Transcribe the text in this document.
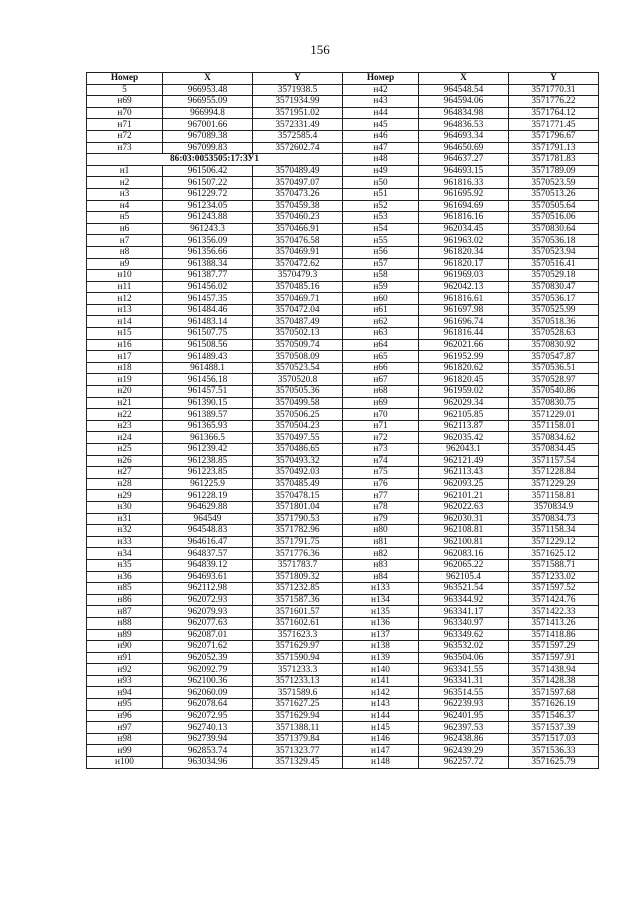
156
Номер	X	Y	Номер	X	Y
5	966953.48	3571938.5	н42	964548.54	3571770.31
н69	966955.09	3571934.99	н43	964594.06	3571776.22
н70	966994.8	3571951.02	н44	964834.98	3571764.12
н71	967001.66	3572331.49	н45	964836.53	3571771.45
н72	967089.38	3572585.4	н46	964693.34	3571796.67
н73	967099.83	3572602.74	н47	964650.69	3571791.13
86:03:0053505:17:ЗУ1			н48	964637.27	3571781.83
н1	961506.42	3570489.49	н49	964693.15	3571789.09
н2	961507.22	3570497.07	н50	961816.33	3570523.59
н3	961229.72	3570473.26	н51	961695.92	3570513.26
н4	961234.05	3570459.38	н52	961694.69	3570505.64
н5	961243.88	3570460.23	н53	961816.16	3570516.06
н6	961243.3	3570466.91	н54	962034.45	3570830.64
н7	961356.09	3570476.58	н55	961963.02	3570536.18
н8	961356.66	3570469.91	н56	961820.34	3570523.94
н9	961388.34	3570472.62	н57	961820.17	3570516.41
н10	961387.77	3570479.3	н58	961969.03	3570529.18
н11	961456.02	3570485.16	н59	962042.13	3570830.47
н12	961457.35	3570469.71	н60	961816.61	3570536.17
н13	961484.46	3570472.04	н61	961697.98	3570525.99
н14	961483.14	3570487.49	н62	961696.74	3570518.36
н15	961507.75	3570502.13	н63	961816.44	3570528.63
н16	961508.56	3570509.74	н64	962021.66	3570830.92
н17	961489.43	3570508.09	н65	961952.99	3570547.87
н18	961488.1	3570523.54	н66	961820.62	3570536.51
н19	961456.18	3570520.8	н67	961820.45	3570528.97
н20	961457.51	3570505.36	н68	961959.02	3570540.86
н21	961390.15	3570499.58	н69	962029.34	3570830.75
н22	961389.57	3570506.25	н70	962105.85	3571229.01
н23	961365.93	3570504.23	н71	962113.87	3571158.01
н24	961366.5	3570497.55	н72	962035.42	3570834.62
н25	961239.42	3570486.65	н73	962043.1	3570834.45
н26	961238.85	3570493.32	н74	962121.49	3571157.54
н27	961223.85	3570492.03	н75	962113.43	3571228.84
н28	961225.9	3570485.49	н76	962093.25	3571229.29
н29	961228.19	3570478.15	н77	962101.21	3571158.81
н30	964629.88	3571801.04	н78	962022.63	3570834.9
н31	964549	3571790.53	н79	962030.31	3570834.73
н32	964548.83	3571782.96	н80	962108.81	3571158.34
н33	964616.47	3571791.75	н81	962100.81	3571229.12
н34	964837.57	3571776.36	н82	962083.16	3571625.12
н35	964839.12	3571783.7	н83	962065.22	3571588.71
н36	964693.61	3571809.32	н84	962105.4	3571233.02
н85	962112.98	3571232.85	н133	963521.54	3571597.52
н86	962072.93	3571587.36	н134	963344.92	3571424.76
н87	962079.93	3571601.57	н135	963341.17	3571422.33
н88	962077.63	3571602.61	н136	963340.97	3571413.26
н89	962087.01	3571623.3	н137	963349.62	3571418.86
н90	962071.62	3571629.97	н138	963532.02	3571597.29
н91	962052.39	3571590.94	н139	963504.06	3571597.91
н92	962092.79	3571233.3	н140	963341.55	3571438.94
н93	962100.36	3571233.13	н141	963341.31	3571428.38
н94	962060.09	3571589.6	н142	963514.55	3571597.68
н95	962078.64	3571627.25	н143	962239.93	3571626.19
н96	962072.95	3571629.94	н144	962401.95	3571546.37
н97	962740.13	3571388.11	н145	962397.53	3571537.39
н98	962739.94	3571379.84	н146	962438.86	3571517.03
н99	962853.74	3571323.77	н147	962439.29	3571536.33
н100	963034.96	3571329.45	н148	962257.72	3571625.79
